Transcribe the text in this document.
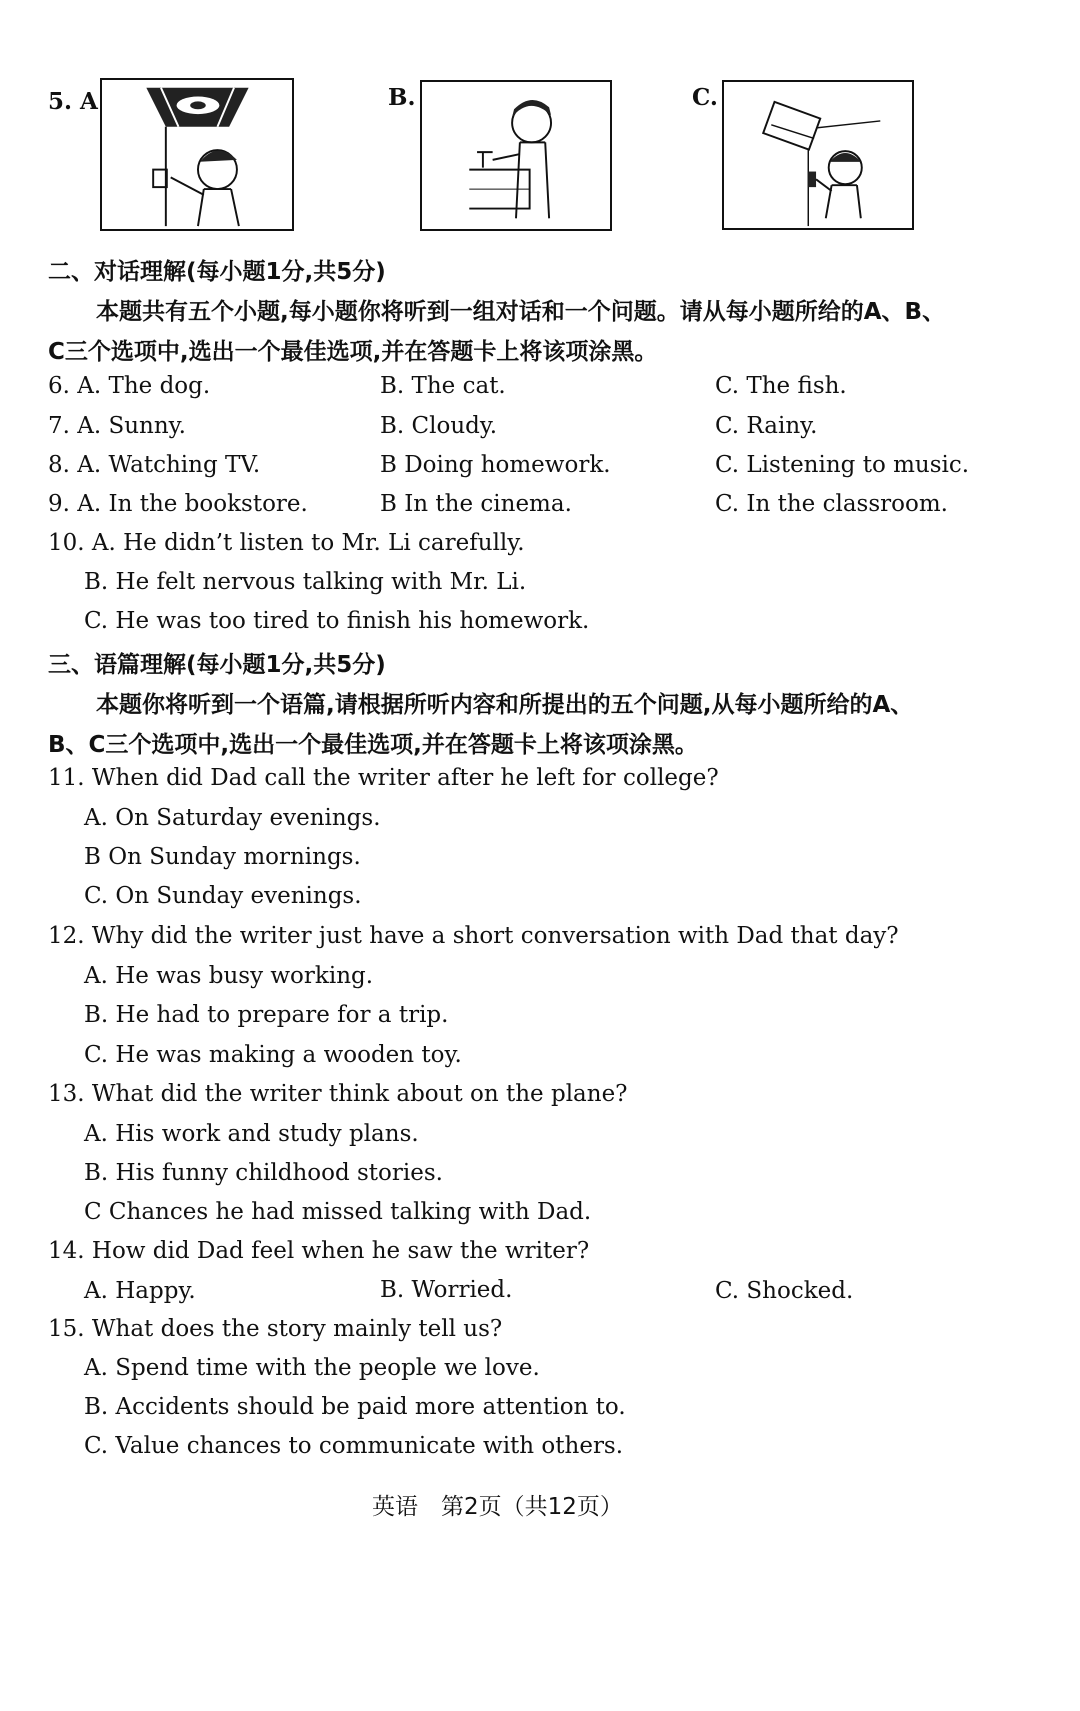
5. A	B.	C.
二、对话理解(每小题1分,共5分)
本题共有五个小题,每小题你将听到一组对话和一个问题。请从每小题所给的A、B、
C三个选项中,选出一个最佳选项,并在答题卡上将该项涂黑。
6. A. The dog.	B. The cat.	C. The fish.
7. A. Sunny.	B. Cloudy.	C. Rainy.
8. A. Watching TV.	B Doing homework.	C. Listening to music.
9. A. In the bookstore.	B In the cinema.	C. In the classroom.
10. A. He didn’t listen to Mr. Li carefully.
B. He felt nervous talking with Mr. Li.
C. He was too tired to finish his homework.
三、语篇理解(每小题1分,共5分)
本题你将听到一个语篇,请根据所听内容和所提出的五个问题,从每小题所给的A、
B、C三个选项中,选出一个最佳选项,并在答题卡上将该项涂黑。
11. When did Dad call the writer after he left for college?
A. On Saturday evenings.
B On Sunday mornings.
C. On Sunday evenings.
12. Why did the writer just have a short conversation with Dad that day?
A. He was busy working.
B. He had to prepare for a trip.
C. He was making a wooden toy.
13. What did the writer think about on the plane?
A. His work and study plans.
B. His funny childhood stories.
C Chances he had missed talking with Dad.
14. How did Dad feel when he saw the writer?
A. Happy.	B. Worried.	C. Shocked.
15. What does the story mainly tell us?
A. Spend time with the people we love.
B. Accidents should be paid more attention to.
C. Value chances to communicate with others.
英语　第2页（共12页）
